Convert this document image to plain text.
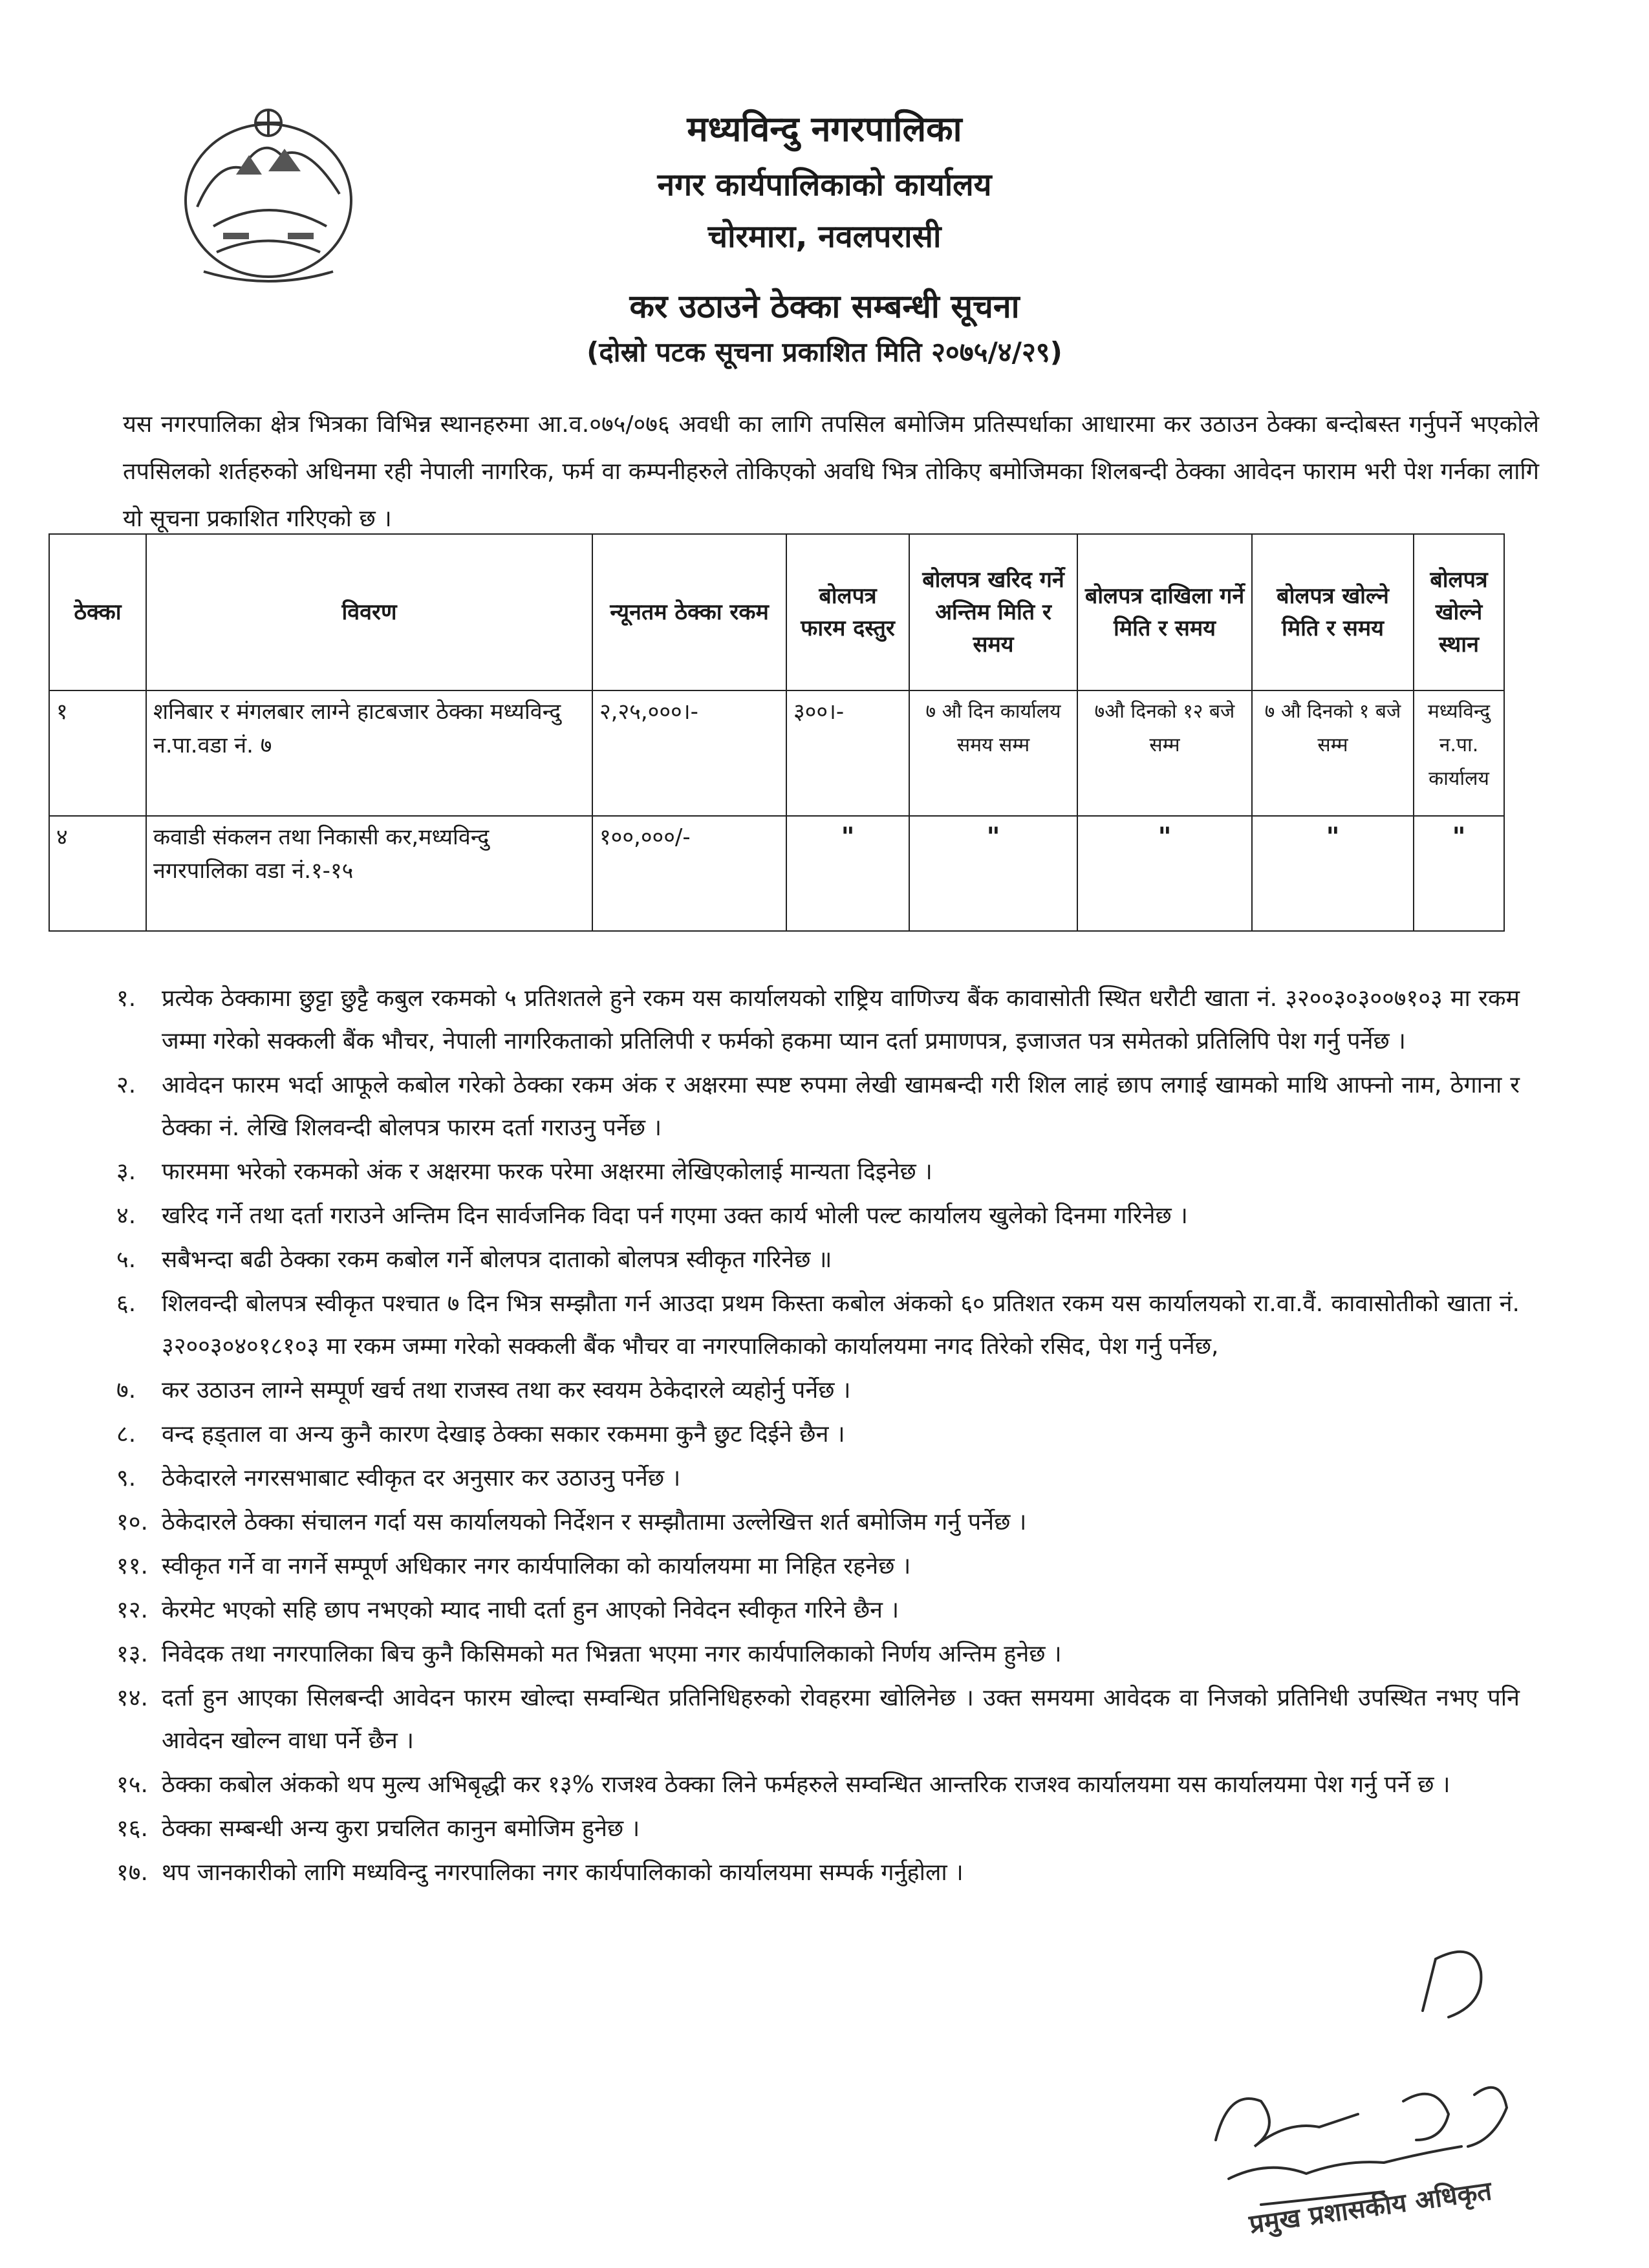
मध्यविन्दु नगरपालिका
नगर कार्यपालिकाको कार्यालय
चोरमारा, नवलपरासी
कर उठाउने ठेक्का सम्बन्धी सूचना
(दोस्रो पटक सूचना प्रकाशित मिति २०७५/४/२९)

यस नगरपालिका क्षेत्र भित्रका विभिन्न स्थानहरुमा आ.व.०७५/०७६ अवधी का लागि तपसिल बमोजिम प्रतिस्पर्धाका आधारमा कर उठाउन ठेक्का बन्दोबस्त गर्नुपर्ने भएकोले तपसिलको शर्तहरुको अधिनमा रही नेपाली नागरिक, फर्म वा कम्पनीहरुले तोकिएको अवधि भित्र तोकिए बमोजिमका शिलबन्दी ठेक्का आवेदन फाराम भरी पेश गर्नका लागि यो सूचना प्रकाशित गरिएको छ ।

ठेक्का	विवरण	न्यूनतम ठेक्का रकम	बोलपत्र फारम दस्तुर	बोलपत्र खरिद गर्ने अन्तिम मिति र समय	बोलपत्र दाखिला गर्ने मिति र समय	बोलपत्र खोल्ने मिति र समय	बोलपत्र खोल्ने स्थान
१	शनिबार र मंगलबार लाग्ने हाटबजार ठेक्का मध्यविन्दु न.पा.वडा नं. ७	२,२५,०००।-	३००।-	७ औ दिन कार्यालय समय सम्म	७औ दिनको १२ बजे सम्म	७ औ दिनको १ बजे सम्म	मध्यविन्दु न.पा. कार्यालय
४	कवाडी संकलन तथा निकासी कर,मध्यविन्दु नगरपालिका वडा नं.१-१५	१००,०००/-	"	"	"	"	"
१. प्रत्येक ठेक्कामा छुट्टा छुट्टै कबुल रकमको ५ प्रतिशतले हुने रकम यस कार्यालयको राष्ट्रिय वाणिज्य बैंक कावासोती स्थित धरौटी खाता नं. ३२००३०३००७१०३ मा रकम जम्मा गरेको सक्कली बैंक भौचर, नेपाली नागरिकताको प्रतिलिपी र फर्मको हकमा प्यान दर्ता प्रमाणपत्र, इजाजत पत्र समेतको प्रतिलिपि पेश गर्नु पर्नेछ ।
२. आवेदन फारम भर्दा आफूले कबोल गरेको ठेक्का रकम अंक र अक्षरमा स्पष्ट रुपमा लेखी खामबन्दी गरी शिल लाहं छाप लगाई खामको माथि आफ्नो नाम, ठेगाना र ठेक्का नं. लेखि शिलवन्दी बोलपत्र फारम दर्ता गराउनु पर्नेछ ।
३. फारममा भरेको रकमको अंक र अक्षरमा फरक परेमा अक्षरमा लेखिएकोलाई मान्यता दिइनेछ ।
४. खरिद गर्ने तथा दर्ता गराउने अन्तिम दिन सार्वजनिक विदा पर्न गएमा उक्त कार्य भोली पल्ट कार्यालय खुलेको दिनमा गरिनेछ ।
५. सबैभन्दा बढी ठेक्का रकम कबोल गर्ने बोलपत्र दाताको बोलपत्र स्वीकृत गरिनेछ ॥
६. शिलवन्दी बोलपत्र स्वीकृत पश्चात ७ दिन भित्र सम्झौता गर्न आउदा प्रथम किस्ता कबोल अंकको ६० प्रतिशत रकम यस कार्यालयको रा.वा.वैं. कावासोतीको खाता नं. ३२००३०४०१८१०३ मा रकम जम्मा गरेको सक्कली बैंक भौचर वा नगरपालिकाको कार्यालयमा नगद तिरेको रसिद, पेश गर्नु पर्नेछ,
७. कर उठाउन लाग्ने सम्पूर्ण खर्च तथा राजस्व तथा कर स्वयम ठेकेदारले व्यहोर्नु पर्नेछ ।
८. वन्द हड्ताल वा अन्य कुनै कारण देखाइ ठेक्का सकार रकममा कुनै छुट दिईने छैन ।
९. ठेकेदारले नगरसभाबाट स्वीकृत दर अनुसार कर उठाउनु पर्नेछ ।
१०. ठेकेदारले ठेक्का संचालन गर्दा यस कार्यालयको निर्देशन र सम्झौतामा उल्लेखित्त शर्त बमोजिम गर्नु पर्नेछ ।
११. स्वीकृत गर्ने वा नगर्ने सम्पूर्ण अधिकार नगर कार्यपालिका को कार्यालयमा मा निहित रहनेछ ।
१२. केरमेट भएको सहि छाप नभएको म्याद नाघी दर्ता हुन आएको निवेदन स्वीकृत गरिने छैन ।
१३. निवेदक तथा नगरपालिका बिच कुनै किसिमको मत भिन्नता भएमा नगर कार्यपालिकाको निर्णय अन्तिम हुनेछ ।
१४. दर्ता हुन आएका सिलबन्दी आवेदन फारम खोल्दा सम्वन्धित प्रतिनिधिहरुको रोवहरमा खोलिनेछ । उक्त समयमा आवेदक वा निजको प्रतिनिधी उपस्थित नभए पनि आवेदन खोल्न वाधा पर्ने छैन ।
१५. ठेक्का कबोल अंकको थप मुल्य अभिबृद्धी कर १३% राजश्व ठेक्का लिने फर्महरुले सम्वन्धित आन्तरिक राजश्व कार्यालयमा यस कार्यालयमा पेश गर्नु पर्ने छ ।
१६. ठेक्का सम्बन्धी अन्य कुरा प्रचलित कानुन बमोजिम हुनेछ ।
१७. थप जानकारीको लागि मध्यविन्दु नगरपालिका नगर कार्यपालिकाको कार्यालयमा सम्पर्क गर्नुहोला ।
प्रमुख प्रशासकीय अधिकृत
